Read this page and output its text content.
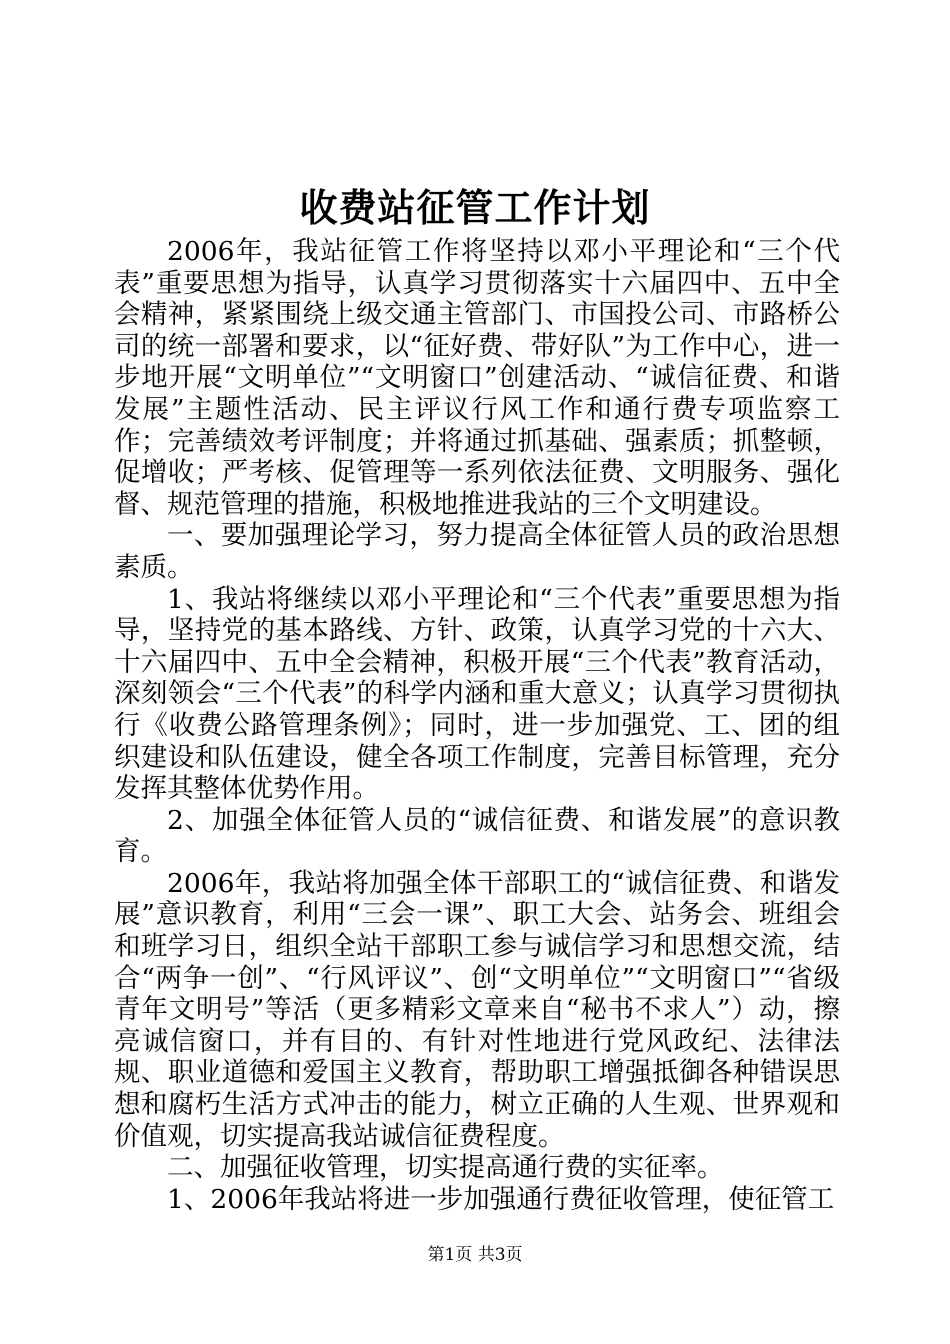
收费站征管工作计划

2006年，我站征管工作将坚持以邓小平理论和“三个代表”重要思想为指导，认真学习贯彻落实十六届四中、五中全会精神，紧紧围绕上级交通主管部门、市国投公司、市路桥公司的统一部署和要求，以“征好费、带好队”为工作中心，进一步地开展“文明单位”“文明窗口”创建活动、“诚信征费、和谐发展”主题性活动、民主评议行风工作和通行费专项监察工作；完善绩效考评制度；并将通过抓基础、强素质；抓整顿，促增收；严考核、促管理等一系列依法征费、文明服务、强化督、规范管理的措施，积极地推进我站的三个文明建设。

一、要加强理论学习，努力提高全体征管人员的政治思想素质。

1、我站将继续以邓小平理论和“三个代表”重要思想为指导，坚持党的基本路线、方针、政策，认真学习党的十六大、十六届四中、五中全会精神，积极开展“三个代表”教育活动，深刻领会“三个代表”的科学内涵和重大意义；认真学习贯彻执行《收费公路管理条例》；同时，进一步加强党、工、团的组织建设和队伍建设，健全各项工作制度，完善目标管理，充分发挥其整体优势作用。

2、加强全体征管人员的“诚信征费、和谐发展”的意识教育。

2006年，我站将加强全体干部职工的“诚信征费、和谐发展”意识教育，利用“三会一课”、职工大会、站务会、班组会和班学习日，组织全站干部职工参与诚信学习和思想交流，结合“两争一创”、“行风评议”、创“文明单位”“文明窗口”“省级青年文明号”等活（更多精彩文章来自“秘书不求人”）动，擦亮诚信窗口，并有目的、有针对性地进行党风政纪、法律法规、职业道德和爱国主义教育，帮助职工增强抵御各种错误思想和腐朽生活方式冲击的能力，树立正确的人生观、世界观和价值观，切实提高我站诚信征费程度。

二、加强征收管理，切实提高通行费的实征率。

1、2006年我站将进一步加强通行费征收管理，使征管工

第1页 共3页
